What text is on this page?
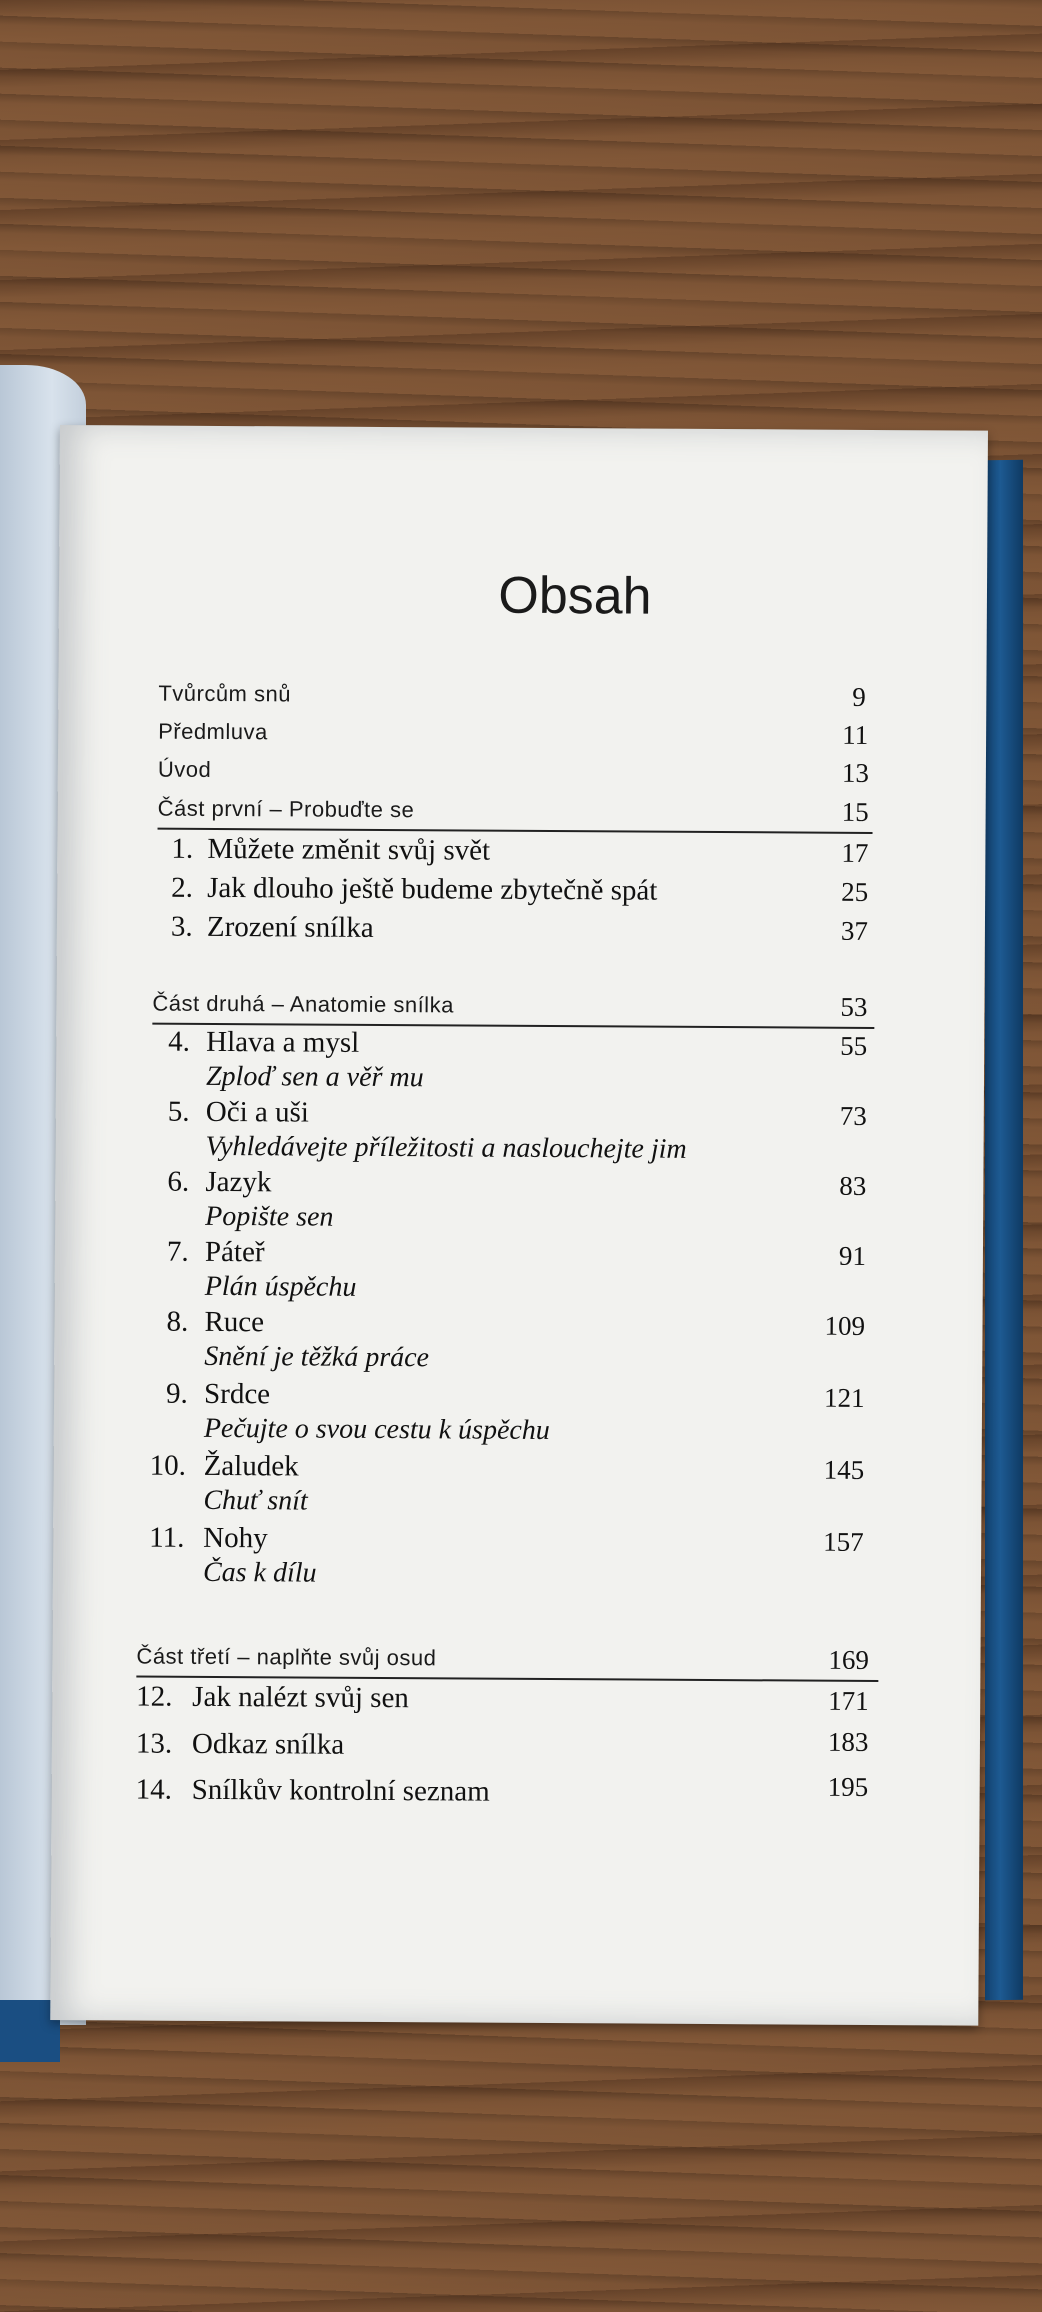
Obsah
Tvůrcům snů	9
Předmluva	11
Úvod	13
Část první – Probuďte se	15
1. Můžete změnit svůj svět	17
2. Jak dlouho ještě budeme zbytečně spát	25
3. Zrození snílka	37
Část druhá – Anatomie snílka	53
4. Hlava a mysl	55
Zploď sen a věř mu
5. Oči a uši	73
Vyhledávejte příležitosti a naslouchejte jim
6. Jazyk	83
Popište sen
7. Páteř	91
Plán úspěchu
8. Ruce	109
Snění je těžká práce
9. Srdce	121
Pečujte o svou cestu k úspěchu
10. Žaludek	145
Chuť snít
11. Nohy	157
Čas k dílu
Část třetí – naplňte svůj osud	169
12. Jak nalézt svůj sen	171
13. Odkaz snílka	183
14. Snílkův kontrolní seznam	195
